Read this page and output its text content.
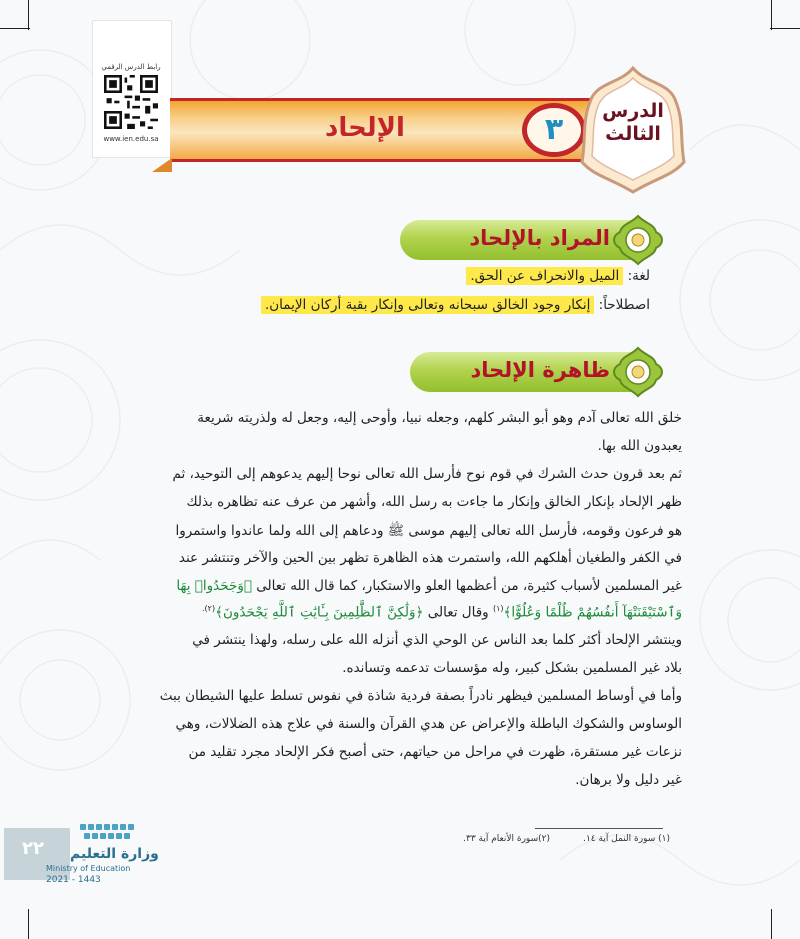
رابط الدرس الرقمي
www.ien.edu.sa	الإلحاد	٣
الدرس
الثالث
المراد بالإلحاد
لغة: الميل والانحراف عن الحق.
اصطلاحاً: إنكار وجود الخالق سبحانه وتعالى وإنكار بقية أركان الإيمان.
ظاهرة الإلحاد
خلق الله تعالى آدم وهو أبو البشر كلهم، وجعله نبيا، وأوحى إليه، وجعل له ولذريته شريعة
يعبدون الله بها.
ثم بعد قرون حدث الشرك في قوم نوح فأرسل الله تعالى نوحا إليهم يدعوهم إلى التوحيد، ثم
ظهر الإلحاد بإنكار الخالق وإنكار ما جاءت به رسل الله، وأشهر من عرف عنه تظاهره بذلك
هو فرعون وقومه، فأرسل الله تعالى إليهم موسى ﷺ ودعاهم إلى الله ولما عاندوا واستمروا
في الكفر والطغيان أهلكهم الله، واستمرت هذه الظاهرة تظهر بين الحين والآخر وتنتشر عند
غير المسلمين لأسباب كثيرة، من أعظمها العلو والاستكبار، كما قال الله تعالى ﴿وَجَحَدُوا۟ بِهَا
وَٱسْتَيْقَنَتْهَآ أَنفُسُهُمْ ظُلْمًا وَعُلُوًّا﴾$^{(١)}$ وقال تعالى ﴿وَلَٰكِنَّ ٱلظَّٰلِمِينَ بِـَٔايَٰتِ ٱللَّهِ يَجْحَدُونَ﴾$^{(٢).}$
وينتشر الإلحاد أكثر كلما بعد الناس عن الوحي الذي أنزله الله على رسله، ولهذا ينتشر في
بلاد غير المسلمين بشكل كبير، وله مؤسسات تدعمه وتسانده.
وأما في أوساط المسلمين فيظهر نادراً بصفة فردية شاذة في نفوس تسلط عليها الشيطان ببث
الوساوس والشكوك الباطلة والإعراض عن هدي القرآن والسنة في علاج هذه الضلالات، وهي
نزعات غير مستقرة، ظهرت في مراحل من حياتهم، حتى أصبح فكر الإلحاد مجرد تقليد من
غير دليل ولا برهان.
(١) سورة النمل آية ١٤.
(٢)سورة الأنعام آية ٣٣.
٢٢ وزارة التعليم
Ministry of Education
2021 - 1443
